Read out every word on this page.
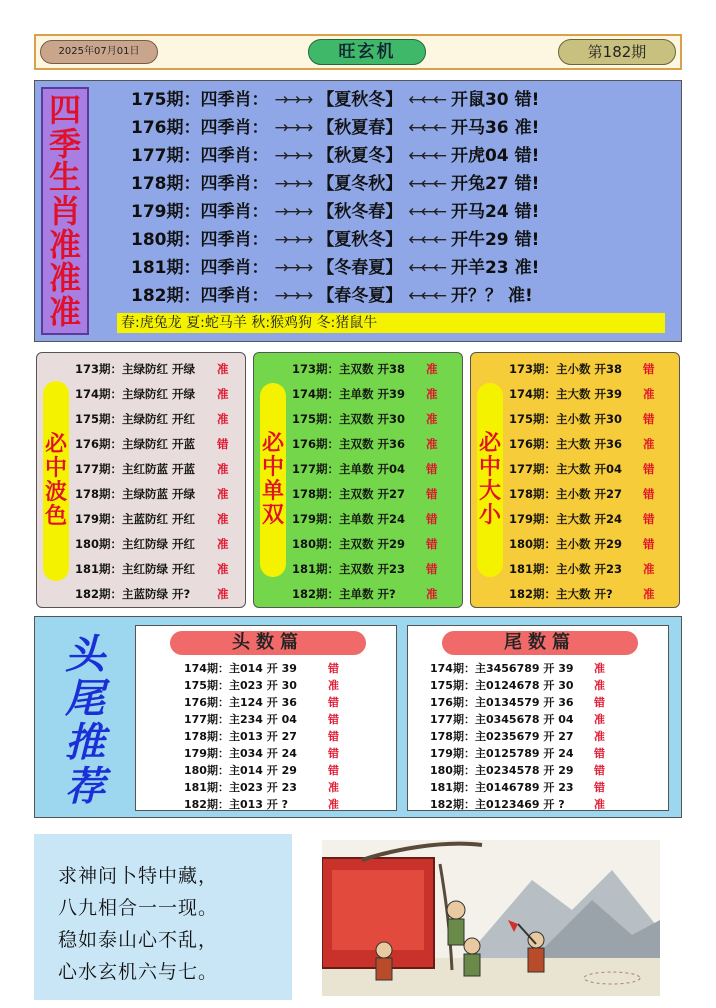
2025年07月01日	旺玄机	第182期
四
季
生
肖
准
准
准	春:虎兔龙 夏:蛇马羊 秋:猴鸡狗 冬:猪鼠牛
175期：四季肖： →→→ 【夏秋冬】 ←←← 开鼠30 错!
176期：四季肖： →→→ 【秋夏春】 ←←← 开马36 准!
177期：四季肖： →→→ 【秋夏冬】 ←←← 开虎04 错!
178期：四季肖： →→→ 【夏冬秋】 ←←← 开兔27 错!
179期：四季肖： →→→ 【秋冬春】 ←←← 开马24 错!
180期：四季肖： →→→ 【夏秋冬】 ←←← 开牛29 错!
181期：四季肖： →→→ 【冬春夏】 ←←← 开羊23 准!
182期：四季肖： →→→ 【春冬夏】 ←←← 开？？ 准!
必
中
波
色
173期：主绿防红 开绿 准
174期：主绿防红 开绿 准
175期：主绿防红 开红 准
176期：主绿防红 开蓝 错
177期：主红防蓝 开蓝 准
178期：主绿防蓝 开绿 准
179期：主蓝防红 开红 准
180期：主红防绿 开红 准
181期：主红防绿 开红 准
182期：主蓝防绿 开? 准
必
中
单
双
173期：主双数 开38 准
174期：主单数 开39 准
175期：主双数 开30 准
176期：主双数 开36 准
177期：主单数 开04 错
178期：主双数 开27 错
179期：主单数 开24 错
180期：主双数 开29 错
181期：主双数 开23 错
182期：主单数 开?	准
必
中
大
小
173期：主小数 开38 错
174期：主大数 开39 准
175期：主小数 开30 错
176期：主大数 开36 准
177期：主大数 开04 错
178期：主小数 开27 错
179期：主大数 开24 错
180期：主小数 开29 错
181期：主小数 开23 准
182期：主大数 开?	准
头
尾
推
荐
头数篇
174期：主014 开 39	错
175期：主023 开 30	准
176期：主124 开 36	错
177期：主234 开 04	错
178期：主013 开 27	错
179期：主034 开 24	错
180期：主014 开 29	错
181期：主023 开 23	准
182期：主013 开 ?	准
尾数篇
174期：主3456789 开 39 准
175期：主0124678 开 30 准
176期：主0134579 开 36 错
177期：主0345678 开 04 准
178期：主0235679 开 27 准
179期：主0125789 开 24 错
180期：主0234578 开 29 错
181期：主0146789 开 23 错
182期：主0123469 开 ?	准
求神问卜特中藏，
八九相合一一现。
稳如泰山心不乱，
心水玄机六与七。
